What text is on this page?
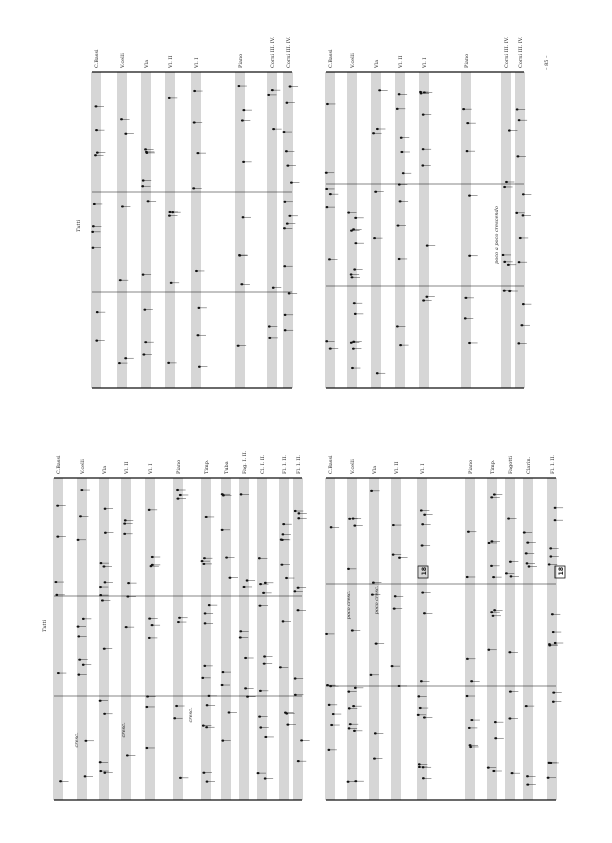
– 85 –
Tutti
Tutti
18	18
poco a poco crescendo
poco cresc.
poco cresc.
cresc.
cresc.
cresc.
C.Bassi	V.celli	Vla	Vl. II	Vl. I	Piano	Corni III. IV. Corni III. IV.	C.Bassi	V.celli	Vla	Vl. II	Vl. I	Piano	Corni III. IV. Corni III. IV.
C.Bassi	V.celli	Vla	Vl. II	Vl. I	Piano	Timp.	Tuba Fag. I. II. Cl. I. II.	Fl. I. II. Fl. I. II.	C.Bassi	V.celli	Vla	Vl. II	Vl. I	Piano	Timp. Fagotti Clarin.	Fl. I. II.
